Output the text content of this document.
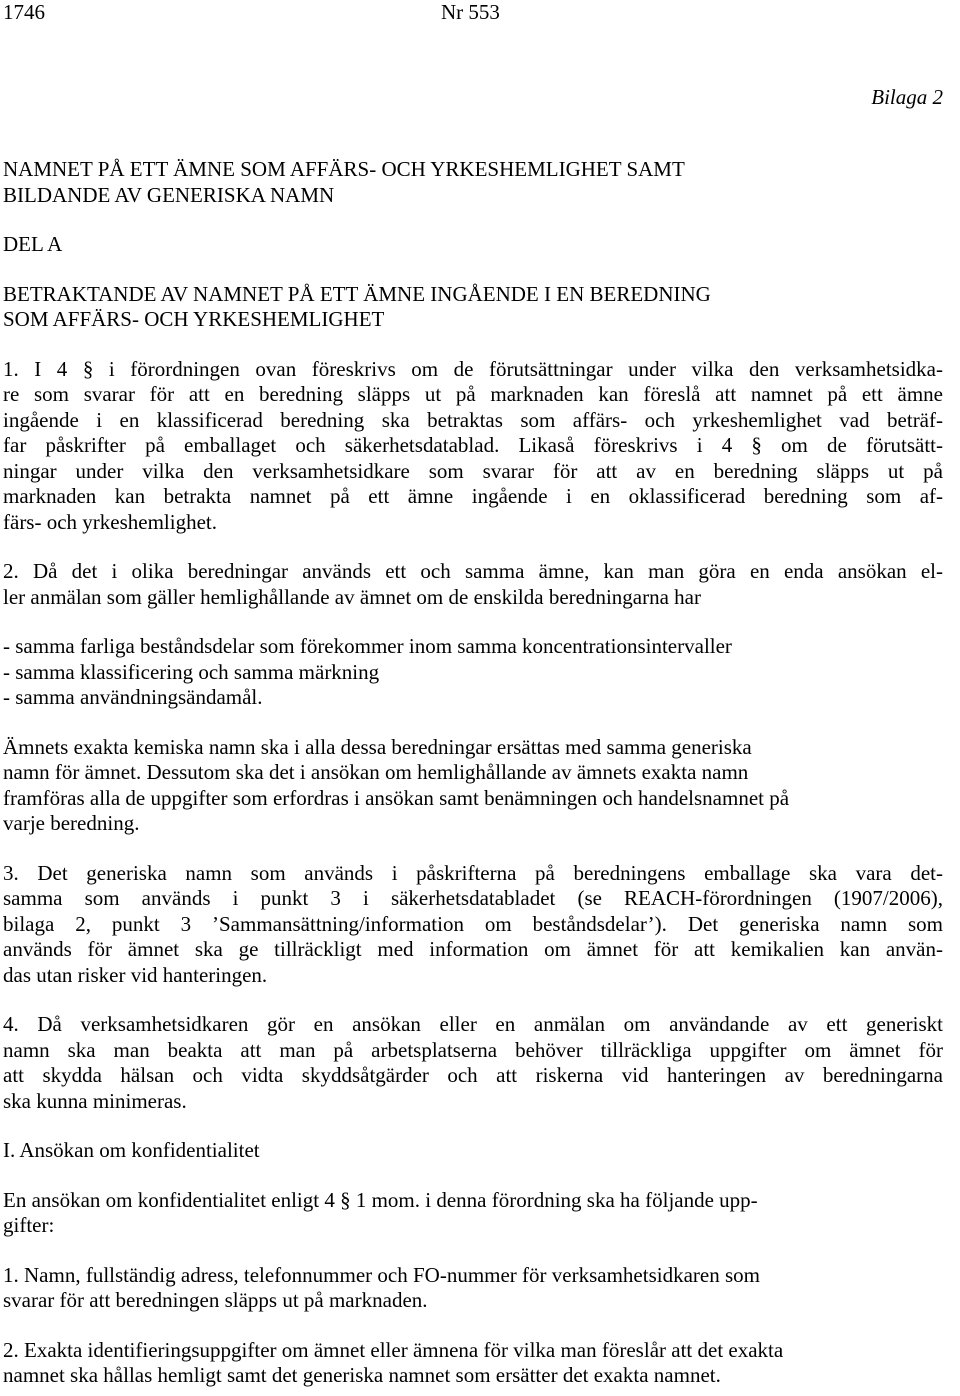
1746	Nr 553
Bilaga 2

NAMNET PÅ ETT ÄMNE SOM AFFÄRS- OCH YRKESHEMLIGHET SAMT
BILDANDE AV GENERISKA NAMN

DEL A

BETRAKTANDE AV NAMNET PÅ ETT ÄMNE INGÅENDE I EN BEREDNING
SOM AFFÄRS- OCH YRKESHEMLIGHET

1. I 4 § i förordningen ovan föreskrivs om de förutsättningar under vilka den verksamhetsidka-
re som svarar för att en beredning släpps ut på marknaden kan föreslå att namnet på ett ämne
ingående i en klassificerad beredning ska betraktas som affärs- och yrkeshemlighet vad beträf-
far påskrifter på emballaget och säkerhetsdatablad. Likaså föreskrivs i 4 § om de förutsätt-
ningar under vilka den verksamhetsidkare som svarar för att av en beredning släpps ut på
marknaden kan betrakta namnet på ett ämne ingående i en oklassificerad beredning som af-
färs- och yrkeshemlighet.

2. Då det i olika beredningar används ett och samma ämne, kan man göra en enda ansökan el-
ler anmälan som gäller hemlighållande av ämnet om de enskilda beredningarna har

- samma farliga beståndsdelar som förekommer inom samma koncentrationsintervaller
- samma klassificering och samma märkning
- samma användningsändamål.

Ämnets exakta kemiska namn ska i alla dessa beredningar ersättas med samma generiska
namn för ämnet. Dessutom ska det i ansökan om hemlighållande av ämnets exakta namn
framföras alla de uppgifter som erfordras i ansökan samt benämningen och handelsnamnet på
varje beredning.

3. Det generiska namn som används i påskrifterna på beredningens emballage ska vara det-
samma som används i punkt 3 i säkerhetsdatabladet (se REACH-förordningen (1907/2006),
bilaga 2, punkt 3 ’Sammansättning/information om beståndsdelar’). Det generiska namn som
används för ämnet ska ge tillräckligt med information om ämnet för att kemikalien kan använ-
das utan risker vid hanteringen.

4. Då verksamhetsidkaren gör en ansökan eller en anmälan om användande av ett generiskt
namn ska man beakta att man på arbetsplatserna behöver tillräckliga uppgifter om ämnet för
att skydda hälsan och vidta skyddsåtgärder och att riskerna vid hanteringen av beredningarna
ska kunna minimeras.

I. Ansökan om konfidentialitet

En ansökan om konfidentialitet enligt 4 § 1 mom. i denna förordning ska ha följande upp-
gifter:

1. Namn, fullständig adress, telefonnummer och FO-nummer för verksamhetsidkaren som
svarar för att beredningen släpps ut på marknaden.

2. Exakta identifieringsuppgifter om ämnet eller ämnena för vilka man föreslår att det exakta
namnet ska hållas hemligt samt det generiska namnet som ersätter det exakta namnet.
